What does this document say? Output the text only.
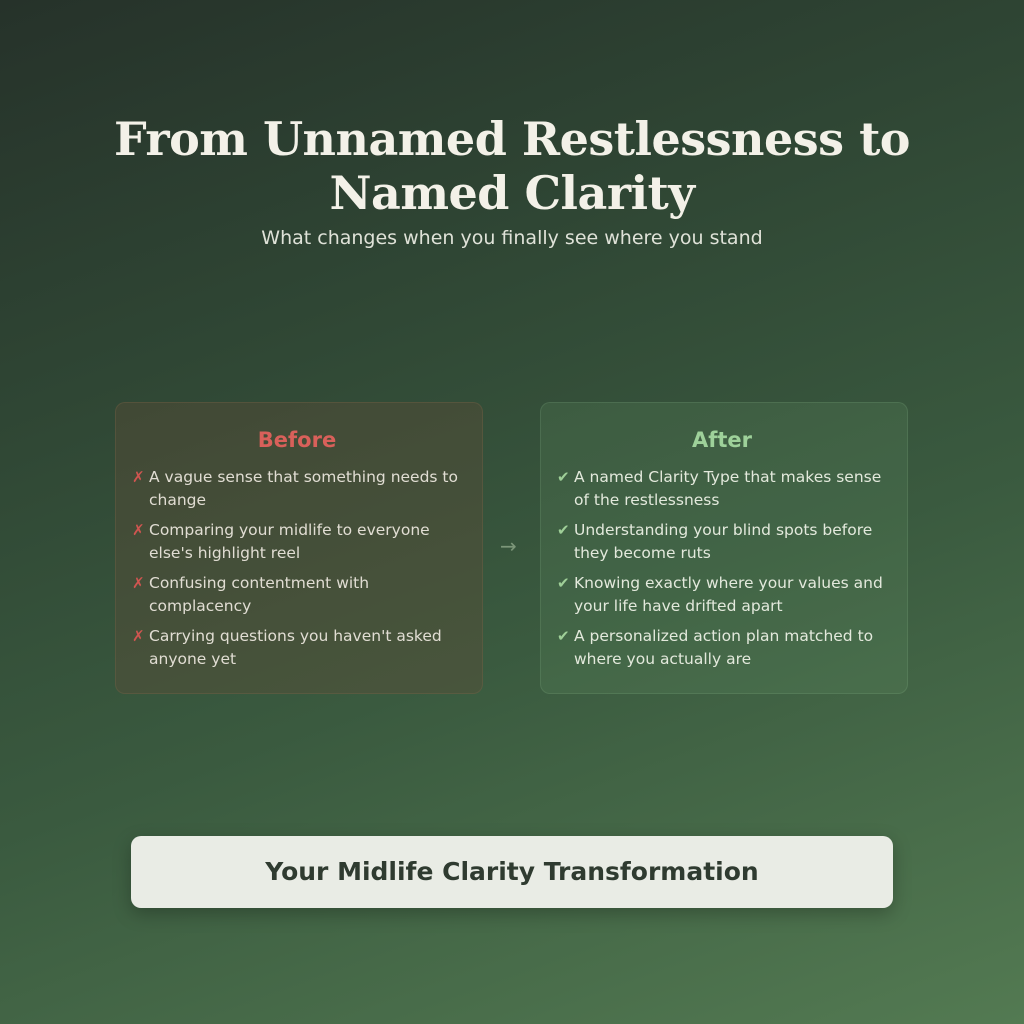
From Unnamed Restlessness to
Named Clarity
What changes when you finally see where you stand
Before
✗ A vague sense that something needs to change
✗ Comparing your midlife to everyone else's highlight reel
✗ Confusing contentment with complacency
✗ Carrying questions you haven't asked anyone yet
→
After
✔ A named Clarity Type that makes sense of the restlessness
✔ Understanding your blind spots before they become ruts
✔ Knowing exactly where your values and your life have drifted apart
✔ A personalized action plan matched to where you actually are
Your Midlife Clarity Transformation
